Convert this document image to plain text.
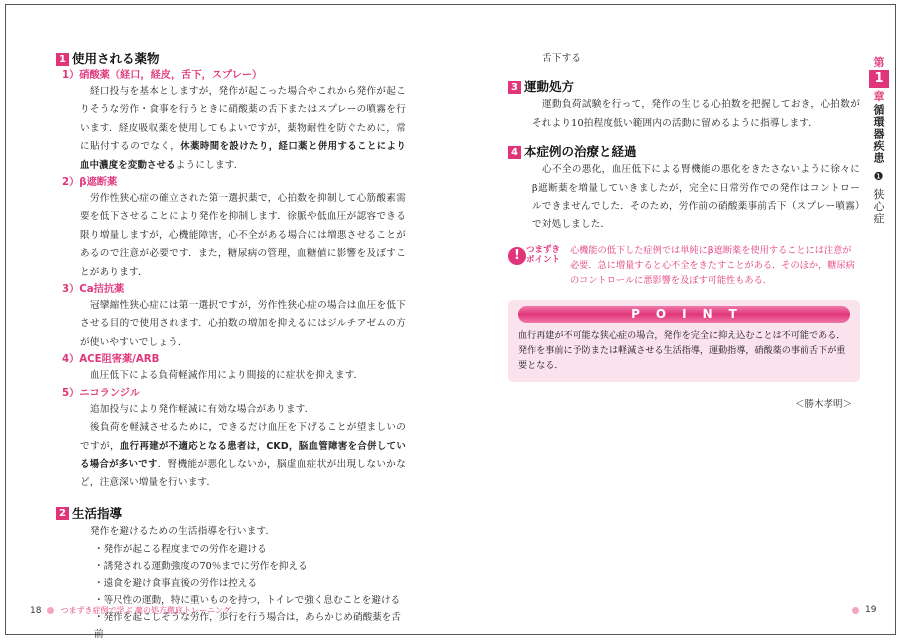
1 使用される薬物
1）硝酸薬（経口，経皮，舌下，スプレー）

経口投与を基本としますが，発作が起こった場合やこれから発作が起こりそうな労作・食事を行うときに硝酸薬の舌下またはスプレーの噴霧を行います．経皮吸収薬を使用してもよいですが，薬物耐性を防ぐために，常に貼付するのでなく，休薬時間を設けたり，経口薬と併用することにより血中濃度を変動させるようにします．

2）β遮断薬

労作性狭心症の確立された第一選択薬で，心拍数を抑制して心筋酸素需要を低下させることにより発作を抑制します．徐脈や低血圧が認容できる限り増量しますが，心機能障害，心不全がある場合には増悪させることがあるので注意が必要です．また，糖尿病の管理，血糖値に影響を及ぼすことがあります．

3）Ca拮抗薬

冠攣縮性狭心症には第一選択ですが，労作性狭心症の場合は血圧を低下させる目的で使用されます．心拍数の増加を抑えるにはジルチアゼムの方が使いやすいでしょう．

4）ACE阻害薬/ARB

血圧低下による負荷軽減作用により間接的に症状を抑えます．

5）ニコランジル

追加投与により発作軽減に有効な場合があります．

後負荷を軽減させるために，できるだけ血圧を下げることが望ましいのですが，血行再建が不適応となる患者は，CKD，脳血管障害を合併している場合が多いです．腎機能が悪化しないか，脳虚血症状が出現しないかなど，注意深い増量を行います．

2 生活指導

発作を避けるための生活指導を行います．

・発作が起こる程度までの労作を避ける
・誘発される運動強度の70％までに労作を抑える
・遠食を避け食事直後の労作は控える
・等尺性の運動，特に重いものを持つ，トイレで強く息むことを避ける
・発作を起こしそうな労作，歩行を行う場合は，あらかじめ硝酸薬を舌前

舌下する

3 運動処方

運動負荷試験を行って，発作の生じる心拍数を把握しておき，心拍数がそれより10拍程度低い範囲内の活動に留めるように指導します．

4 本症例の治療と経過

心不全の悪化，血圧低下による腎機能の悪化をきたさないように徐々にβ遮断薬を増量していきましたが，完全に日常労作での発作はコントロールできませんでした．そのため，労作前の硝酸薬事前舌下（スプレー噴霧）で対処しました．

! つまずき
ポイント
心機能の低下した症例では単純にβ遮断薬を使用することには注意が必要．急に増量すると心不全をきたすことがある．そのほか，糖尿病のコントロールに悪影響を及ぼす可能性もある．
POINT
血行再建が不可能な狭心症の場合，発作を完全に抑え込むことは不可能である．発作を事前に予防または軽減させる生活指導，運動指導，硝酸薬の事前舌下が重要となる．
＜勝木孝明＞
第
1
章
循環器疾患
❶ 狭心症
18 つまずき症例で学ぶ 薬の処方徹底トレーニング	19
